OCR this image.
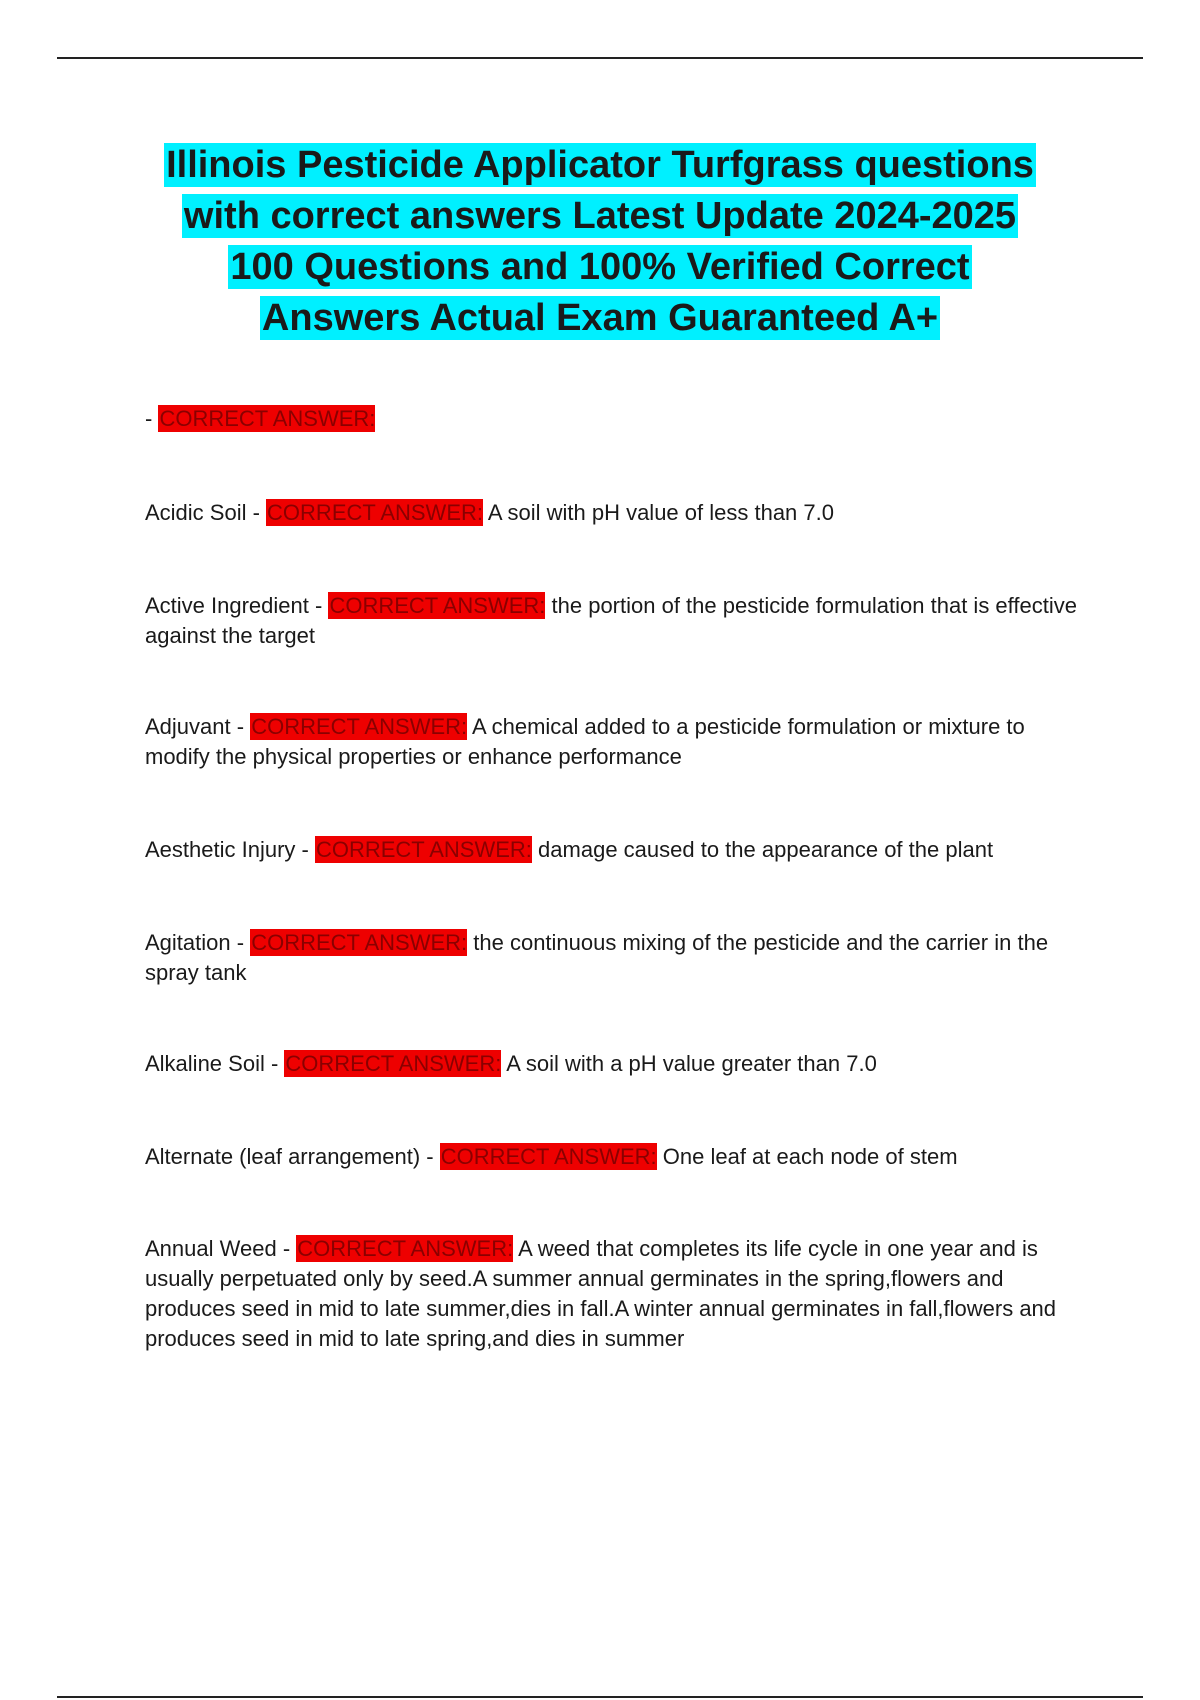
Illinois Pesticide Applicator Turfgrass questions
with correct answers Latest Update 2024-2025
100 Questions and 100% Verified Correct
Answers Actual Exam Guaranteed A+
- CORRECT ANSWER:
Acidic Soil - CORRECT ANSWER: A soil with pH value of less than 7.0
Active Ingredient - CORRECT ANSWER: the portion of the pesticide formulation that is effective against the target
Adjuvant - CORRECT ANSWER: A chemical added to a pesticide formulation or mixture to modify the physical properties or enhance performance
Aesthetic Injury - CORRECT ANSWER: damage caused to the appearance of the plant
Agitation - CORRECT ANSWER: the continuous mixing of the pesticide and the carrier in the spray tank
Alkaline Soil - CORRECT ANSWER: A soil with a pH value greater than 7.0
Alternate (leaf arrangement) - CORRECT ANSWER: One leaf at each node of stem
Annual Weed - CORRECT ANSWER: A weed that completes its life cycle in one year and is usually perpetuated only by seed.A summer annual germinates in the spring,flowers and produces seed in mid to late summer,dies in fall.A winter annual germinates in fall,flowers and produces seed in mid to late spring,and dies in summer
